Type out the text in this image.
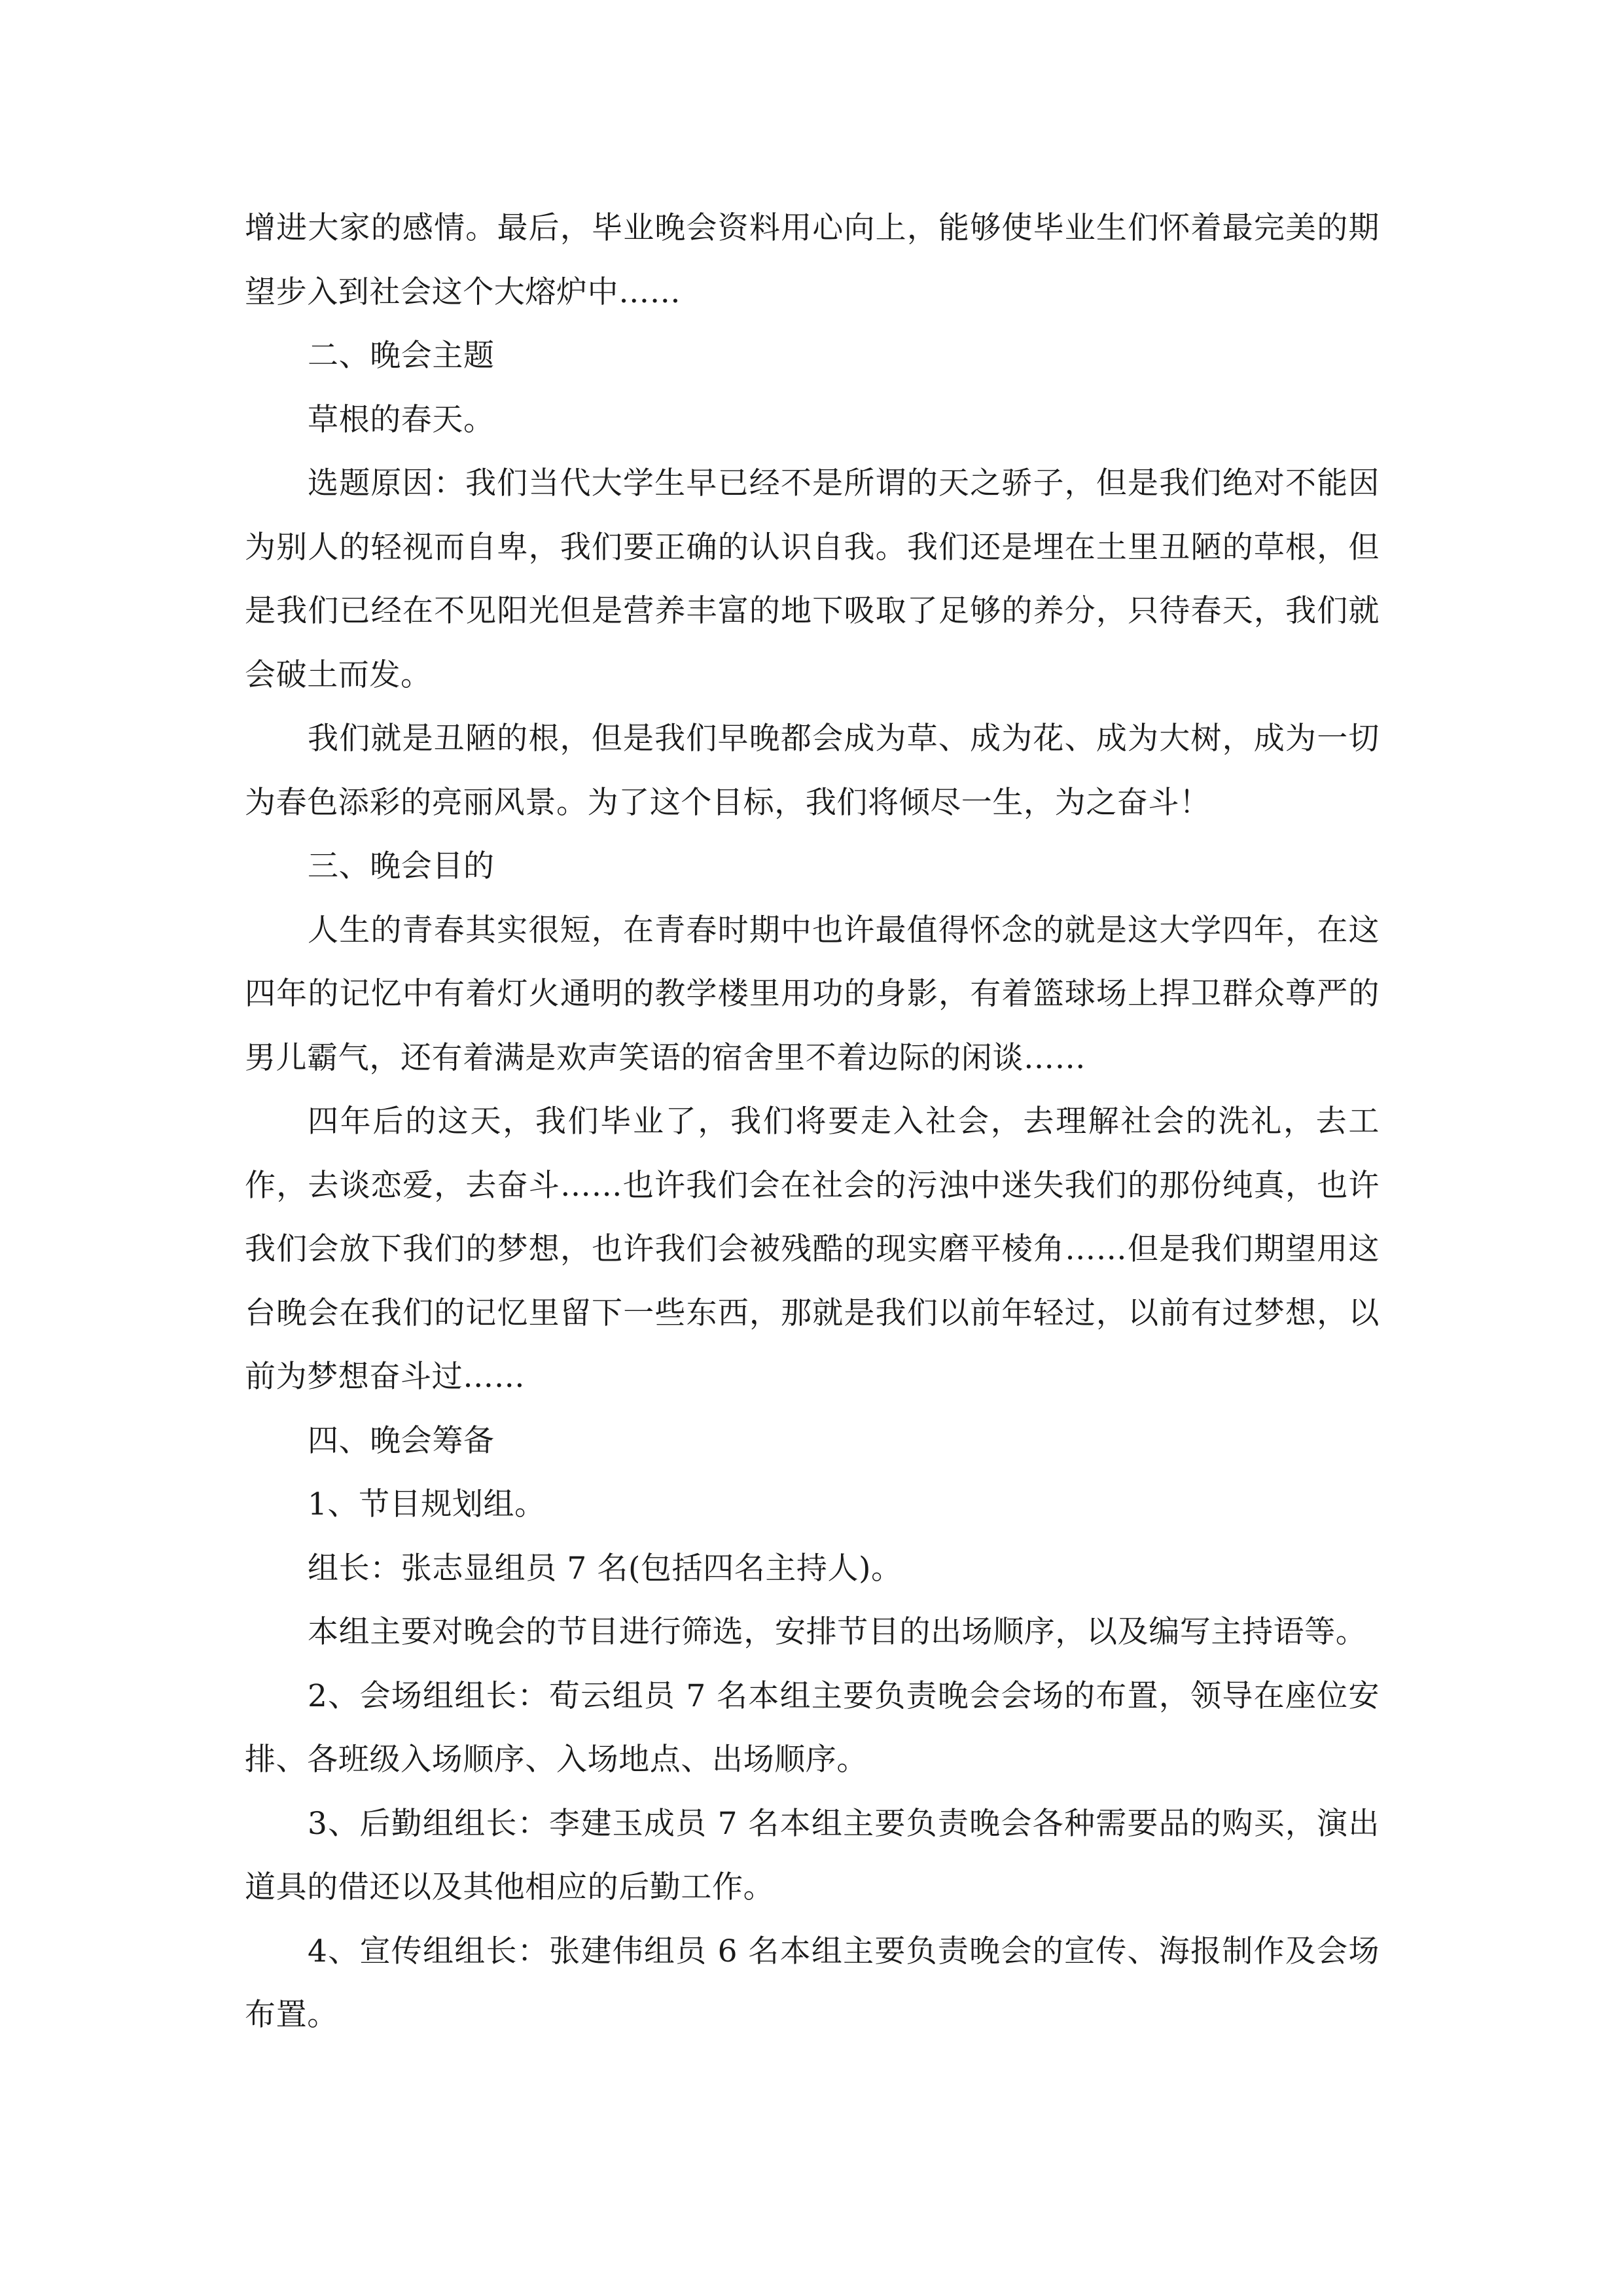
增进大家的感情。最后，毕业晚会资料用心向上，能够使毕业生们怀着最完美的期望步入到社会这个大熔炉中……

二、晚会主题

草根的春天。

选题原因：我们当代大学生早已经不是所谓的天之骄子，但是我们绝对不能因为别人的轻视而自卑，我们要正确的认识自我。我们还是埋在土里丑陋的草根，但是我们已经在不见阳光但是营养丰富的地下吸取了足够的养分，只待春天，我们就会破土而发。

我们就是丑陋的根，但是我们早晚都会成为草、成为花、成为大树，成为一切为春色添彩的亮丽风景。为了这个目标，我们将倾尽一生，为之奋斗！

三、晚会目的

人生的青春其实很短，在青春时期中也许最值得怀念的就是这大学四年，在这四年的记忆中有着灯火通明的教学楼里用功的身影，有着篮球场上捍卫群众尊严的男儿霸气，还有着满是欢声笑语的宿舍里不着边际的闲谈……

四年后的这天，我们毕业了，我们将要走入社会，去理解社会的洗礼，去工作，去谈恋爱，去奋斗……也许我们会在社会的污浊中迷失我们的那份纯真，也许我们会放下我们的梦想，也许我们会被残酷的现实磨平棱角……但是我们期望用这台晚会在我们的记忆里留下一些东西，那就是我们以前年轻过，以前有过梦想，以前为梦想奋斗过……

四、晚会筹备

1、节目规划组。

组长：张志显组员 7 名(包括四名主持人)。

本组主要对晚会的节目进行筛选，安排节目的出场顺序，以及编写主持语等。

2、会场组组长：荀云组员 7 名本组主要负责晚会会场的布置，领导在座位安排、各班级入场顺序、入场地点、出场顺序。

3、后勤组组长：李建玉成员 7 名本组主要负责晚会各种需要品的购买，演出道具的借还以及其他相应的后勤工作。

4、宣传组组长：张建伟组员 6 名本组主要负责晚会的宣传、海报制作及会场布置。
